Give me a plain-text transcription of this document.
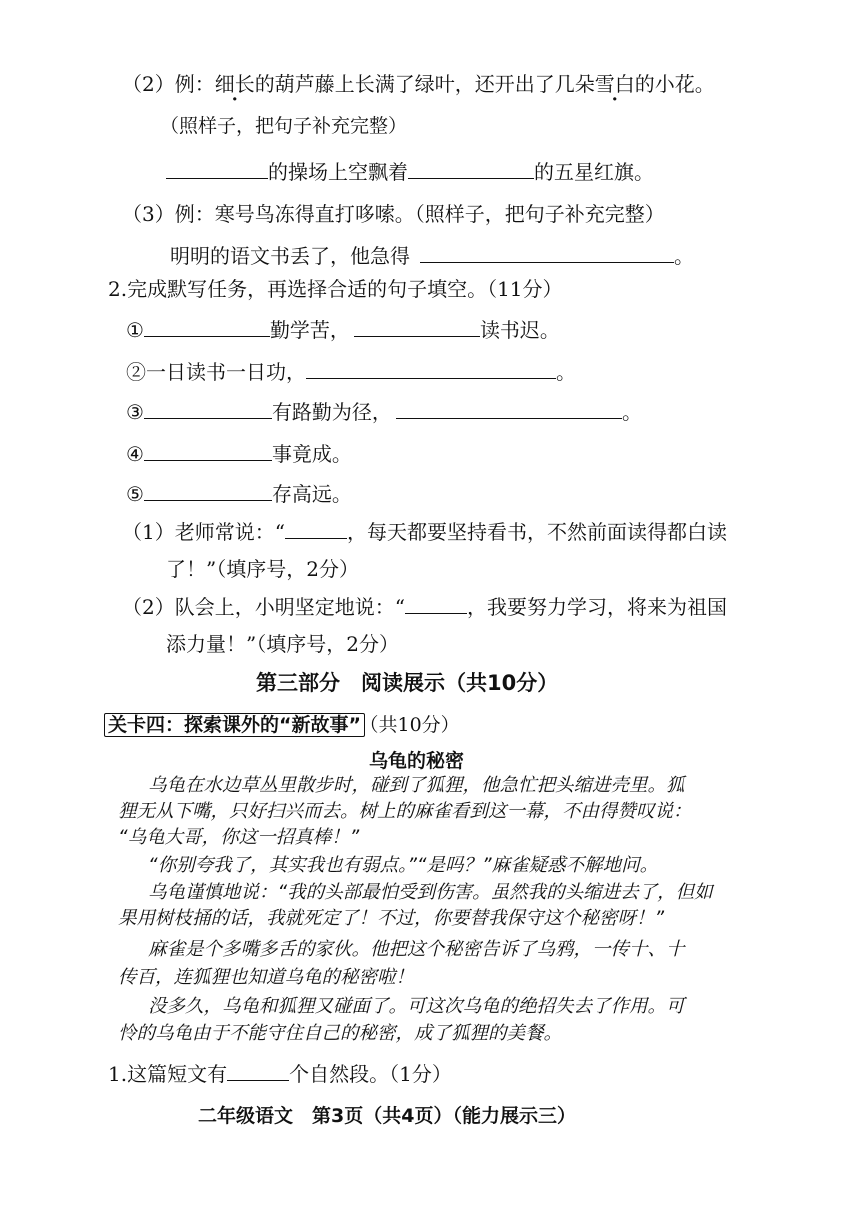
（2）例：细长的葫芦藤上长满了绿叶，还开出了几朵雪白的小花。
（照样子，把句子补充完整）
的操场上空飘着	的五星红旗。
（3）例：寒号鸟冻得直打哆嗦。（照样子，把句子补充完整）
明明的语文书丢了，他急得	。
2.完成默写任务，再选择合适的句子填空。（11分）
①	勤学苦，	读书迟。
②一日读书一日功，	。
③	有路勤为径，	。
④	事竟成。
⑤	存高远。
（1）老师常说：“	，每天都要坚持看书，不然前面读得都白读
了！”（填序号，2分）
（2）队会上，小明坚定地说：“	，我要努力学习，将来为祖国
添力量！”（填序号，2分）
第三部分　阅读展示（共10分）
关卡四：探索课外的“新故事” （共10分）
乌龟的秘密
乌龟在水边草丛里散步时，碰到了狐狸，他急忙把头缩进壳里。狐
狸无从下嘴，只好扫兴而去。树上的麻雀看到这一幕，不由得赞叹说：
“乌龟大哥，你这一招真棒！”
“你别夸我了，其实我也有弱点。”“是吗？”麻雀疑惑不解地问。
乌龟谨慎地说：“我的头部最怕受到伤害。虽然我的头缩进去了，但如
果用树枝捅的话，我就死定了！不过，你要替我保守这个秘密呀！”
麻雀是个多嘴多舌的家伙。他把这个秘密告诉了乌鸦，一传十、十
传百，连狐狸也知道乌龟的秘密啦！
没多久，乌龟和狐狸又碰面了。可这次乌龟的绝招失去了作用。可
怜的乌龟由于不能守住自己的秘密，成了狐狸的美餐。
1.这篇短文有	个自然段。（1分）
二年级语文　第3页（共4页）（能力展示三）
